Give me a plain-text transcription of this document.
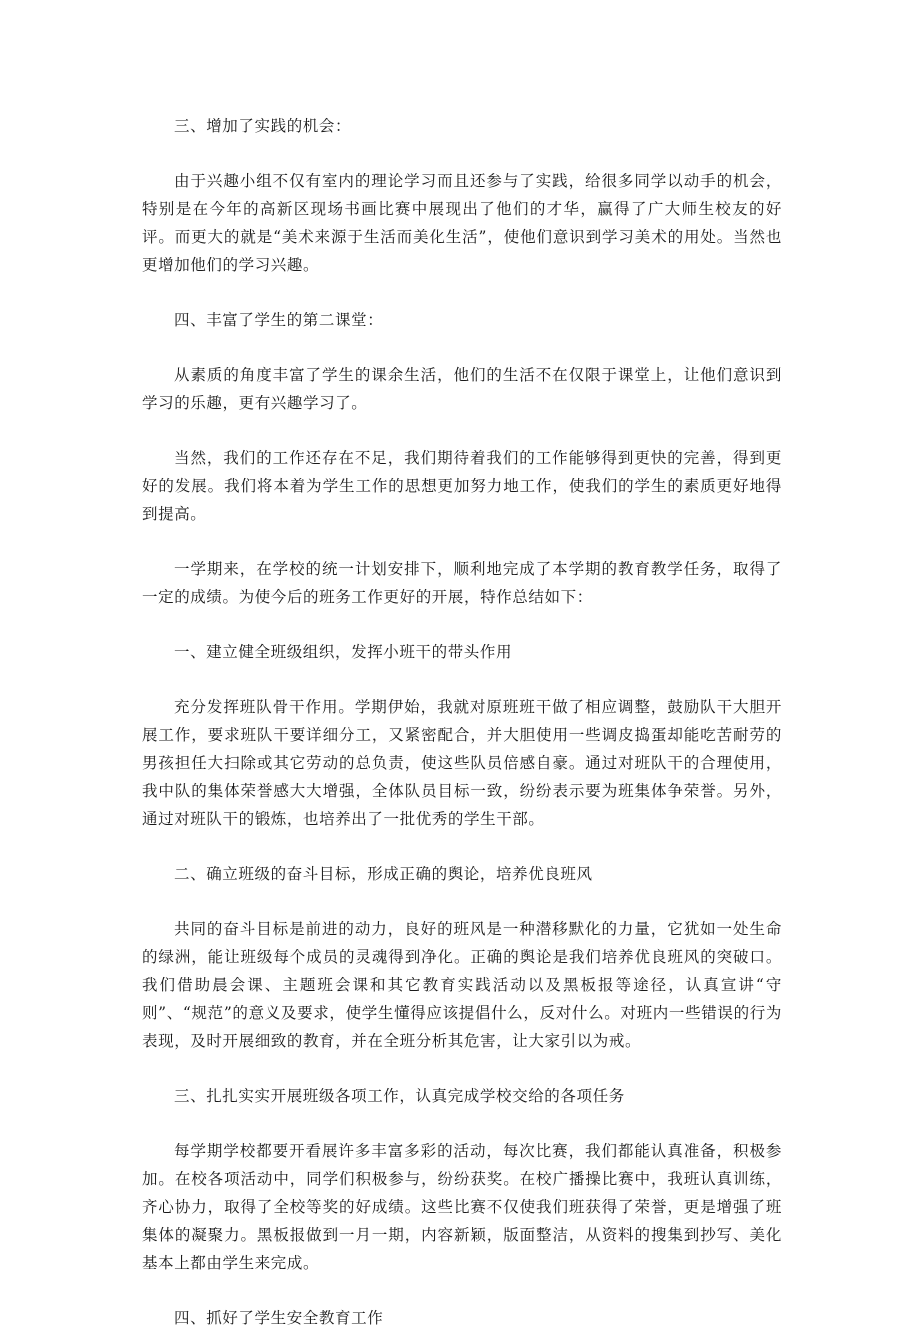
三、增加了实践的机会：

由于兴趣小组不仅有室内的理论学习而且还参与了实践，给很多同学以动手的机会，特别是在今年的高新区现场书画比赛中展现出了他们的才华，赢得了广大师生校友的好评。而更大的就是“美术来源于生活而美化生活”，使他们意识到学习美术的用处。当然也更增加他们的学习兴趣。

四、丰富了学生的第二课堂：

从素质的角度丰富了学生的课余生活，他们的生活不在仅限于课堂上，让他们意识到学习的乐趣，更有兴趣学习了。

当然，我们的工作还存在不足，我们期待着我们的工作能够得到更快的完善，得到更好的发展。我们将本着为学生工作的思想更加努力地工作，使我们的学生的素质更好地得到提高。

一学期来，在学校的统一计划安排下，顺利地完成了本学期的教育教学任务，取得了一定的成绩。为使今后的班务工作更好的开展，特作总结如下：

一、建立健全班级组织，发挥小班干的带头作用

充分发挥班队骨干作用。学期伊始，我就对原班班干做了相应调整，鼓励队干大胆开展工作，要求班队干要详细分工，又紧密配合，并大胆使用一些调皮捣蛋却能吃苦耐劳的男孩担任大扫除或其它劳动的总负责，使这些队员倍感自豪。通过对班队干的合理使用，我中队的集体荣誉感大大增强，全体队员目标一致，纷纷表示要为班集体争荣誉。另外，通过对班队干的锻炼，也培养出了一批优秀的学生干部。

二、确立班级的奋斗目标，形成正确的舆论，培养优良班风

共同的奋斗目标是前进的动力，良好的班风是一种潜移默化的力量，它犹如一处生命的绿洲，能让班级每个成员的灵魂得到净化。正确的舆论是我们培养优良班风的突破口。我们借助晨会课、主题班会课和其它教育实践活动以及黑板报等途径，认真宣讲“守则”、“规范”的意义及要求，使学生懂得应该提倡什么，反对什么。对班内一些错误的行为表现，及时开展细致的教育，并在全班分析其危害，让大家引以为戒。

三、扎扎实实开展班级各项工作，认真完成学校交给的各项任务

每学期学校都要开看展许多丰富多彩的活动，每次比赛，我们都能认真准备，积极参加。在校各项活动中，同学们积极参与，纷纷获奖。在校广播操比赛中，我班认真训练，齐心协力，取得了全校等奖的好成绩。这些比赛不仅使我们班获得了荣誉，更是增强了班集体的凝聚力。黑板报做到一月一期，内容新颖，版面整洁，从资料的搜集到抄写、美化基本上都由学生来完成。

四、抓好了学生安全教育工作
